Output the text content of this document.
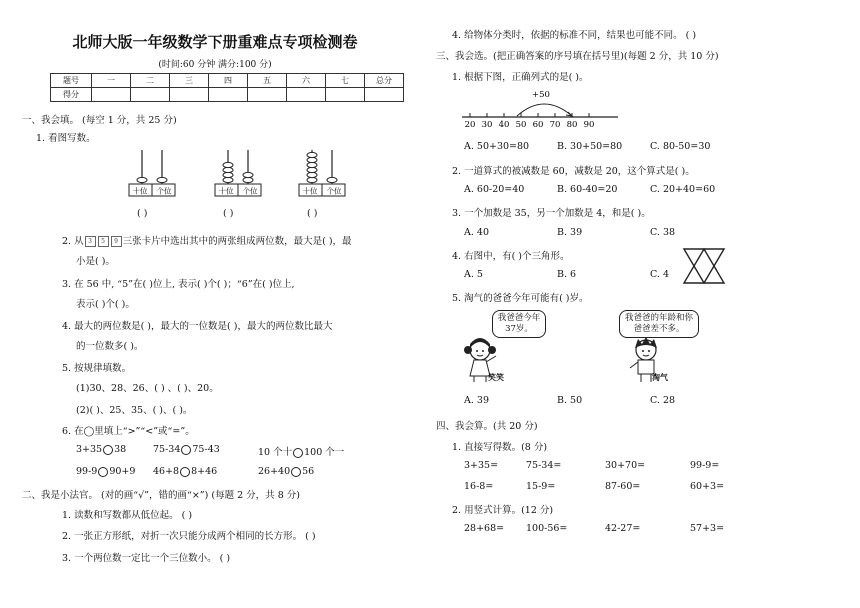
北师大版一年级数学下册重难点专项检测卷
(时间:60 分钟 满分:100 分)
题号	一	二	三	四	五	六	七	总分
得分								
一、我会填。 (每空 1 分，共 25 分)
1. 看图写数。
十位 个位	十位 个位	十位 个位
( )	( )	( )
2. 从 3 5 9 三张卡片中选出其中的两张组成两位数，最大是( )，最
小是( )。
3. 在 56 中, “5”在( )位上, 表示( )个( )；“6”在( )位上,
表示( )个( )。
4. 最大的两位数是( )，最大的一位数是( )，最大的两位数比最大
的一位数多( )。
5. 按规律填数。
(1)30、28、26、( ) 、( )、20。
(2)( )、25、35、( )、( )。
6. 在◯里填上“>”“<”或“=”。
3+35 38	75-34 75-43	10 个十 100 个一
99-9 90+9 46+8 8+46	26+40 56
二、我是小法官。 (对的画“√”，错的画“×”) (每题 2 分，共 8 分)
1. 读数和写数都从低位起。 ( )
2. 一张正方形纸，对折一次只能分成两个相同的长方形。 ( )
3. 一个两位数一定比一个三位数小。 ( )
4. 给物体分类时，依据的标准不同，结果也可能不同。 ( )
三、我会选。(把正确答案的序号填在括号里)(每题 2 分，共 10 分)
1. 根据下图，正确列式的是( )。
+50
20 30 40 50 60 70 80 90
A. 50+30=80	B. 30+50=80	C. 80-50=30
2. 一道算式的被减数是 60，减数是 20，这个算式是( )。
A. 60-20=40	B. 60-40=20	C. 20+40=60
3. 一个加数是 35，另一个加数是 4，和是( )。
A. 40	B. 39	C. 38
4. 右图中，有( )个三角形。
A. 5	B. 6	C. 4
5. 淘气的爸爸今年可能有( )岁。
我爸爸今年37岁。
我爸爸的年龄和你爸爸差不多。
笑笑	淘气
A. 39	B. 50	C. 28
四、我会算。(共 20 分)
1. 直接写得数。(8 分)
3+35=	75-34=	30+70=	99-9=
16-8=	15-9=	87-60=	60+3=
2. 用竖式计算。(12 分)
28+68= 100-56=	42-27=	57+3=
